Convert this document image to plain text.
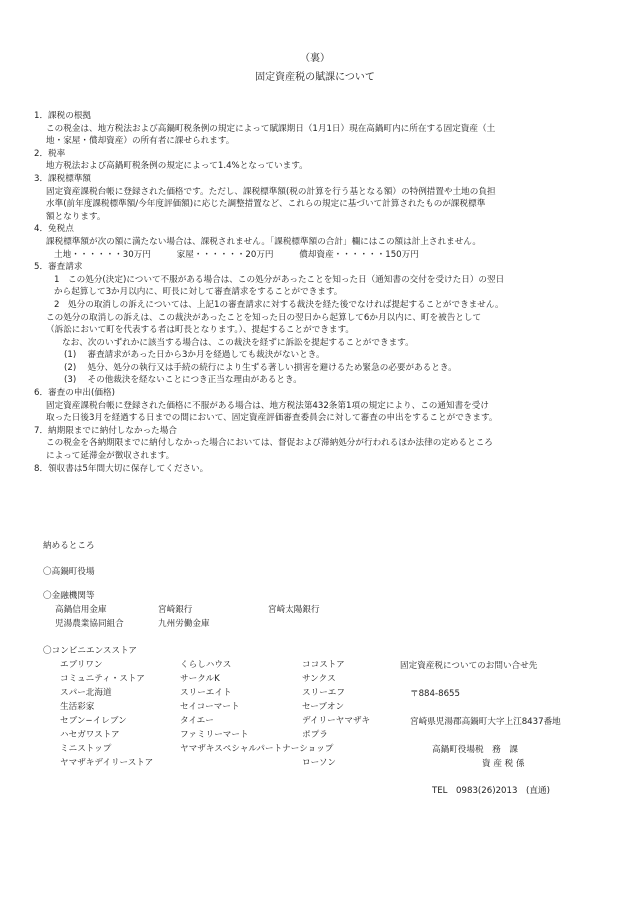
（裏）
固定資産税の賦課について
1．課税の根拠
この税金は、地方税法および高鍋町税条例の規定によって賦課期日（1月1日）現在高鍋町内に所在する固定資産（土
地・家屋・償却資産）の所有者に課せられます。
2．税率
地方税法および高鍋町税条例の規定によって1.4%となっています。
3．課税標準額
固定資産課税台帳に登録された価格です。ただし、課税標準額(税の計算を行う基となる額）の特例措置や土地の負担
水準(前年度課税標準額/今年度評価額)に応じた調整措置など、これらの規定に基づいて計算されたものが課税標準
額となります。
4．免税点
課税標準額が次の額に満たない場合は、課税されません。「課税標準額の合計」欄にはこの額は計上されません。
土地・・・・・・30万円　　　家屋・・・・・・20万円　　　償却資産・・・・・・150万円
5．審査請求
1　この処分(決定)について不服がある場合は、この処分があったことを知った日（通知書の交付を受けた日）の翌日
から起算して3か月以内に、町長に対して審査請求をすることができます。
2　処分の取消しの訴えについては、上記1の審査請求に対する裁決を経た後でなければ提起することができません。
この処分の取消しの訴えは、この裁決があったことを知った日の翌日から起算して6か月以内に、町を被告として
（訴訟において町を代表する者は町長となります。）、提起することができます。
なお、次のいずれかに該当する場合は、この裁決を経ずに訴訟を提起することができます。
(1)　 審査請求があった日から3か月を経過しても裁決がないとき。
(2)　 処分、処分の執行又は手続の続行により生ずる著しい損害を避けるため緊急の必要があるとき。
(3)　 その他裁決を経ないことにつき正当な理由があるとき。
6．審査の申出(価格)
固定資産課税台帳に登録された価格に不服がある場合は、地方税法第432条第1項の規定により、この通知書を受け
取った日後3月を経過する日までの間において、固定資産評価審査委員会に対して審査の申出をすることができます。
7．納期限までに納付しなかった場合
この税金を各納期限までに納付しなかった場合においては、督促および滞納処分が行われるほか法律の定めるところ
によって延滞金が徴収されます。
8．領収書は5年間大切に保存してください。
納めるところ
〇高鍋町役場
〇金融機関等
高鍋信用金庫	宮崎銀行	宮崎太陽銀行
児湯農業協同組合	九州労働金庫
〇コンビニエンスストア
エブリワン
コミュニティ・ストア
スパー北海道
生活彩家
セブン−イレブン
ハセガワストア
ミニストップ
ヤマザキデイリーストア
くらしハウス
サークルK
スリーエイト
セイコーマート
タイエー
ファミリーマート
ヤマザキスペシャルパートナーショップ
ココストア
サンクス
スリーエフ
セーブオン
デイリーヤマザキ
ポプラ
ローソン
固定資産税についてのお問い合せ先
〒884-8655
宮崎県児湯郡高鍋町大字上江8437番地
高鍋町役場税　務　課
資 産 税 係
TEL　0983(26)2013　(直通)
